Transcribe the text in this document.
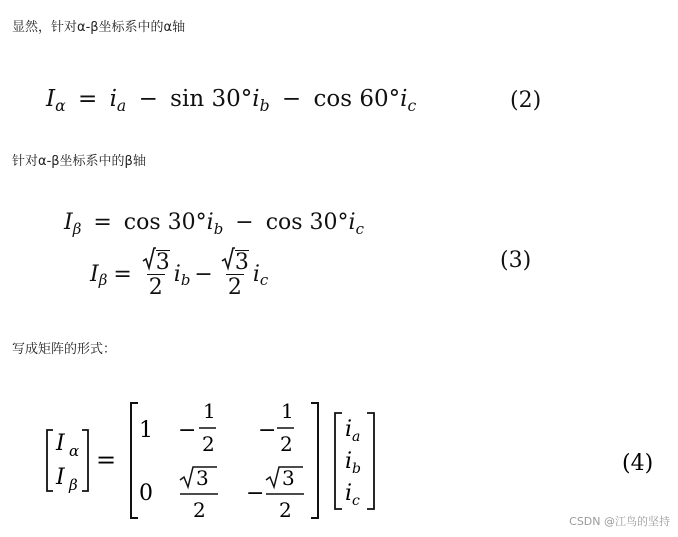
显然，针对α-β坐标系中的α轴
$I_\alpha = i_a - \sin 30^\circ i_b - \cos 60^\circ i_c$	(2)
针对α-β坐标系中的β轴
$I_\beta = \cos 30^\circ i_b - \cos 30^\circ i_c$
I $\beta = \frac{3}{2}$ i $b - \frac{3}{2}$ i c
(3)
写成矩阵的形式：
I α
I β
=
1 −
1
2
−
1
2
0
3
2
−
3
2
i a
i b
i c
(4)
CSDN @江鸟的坚持
